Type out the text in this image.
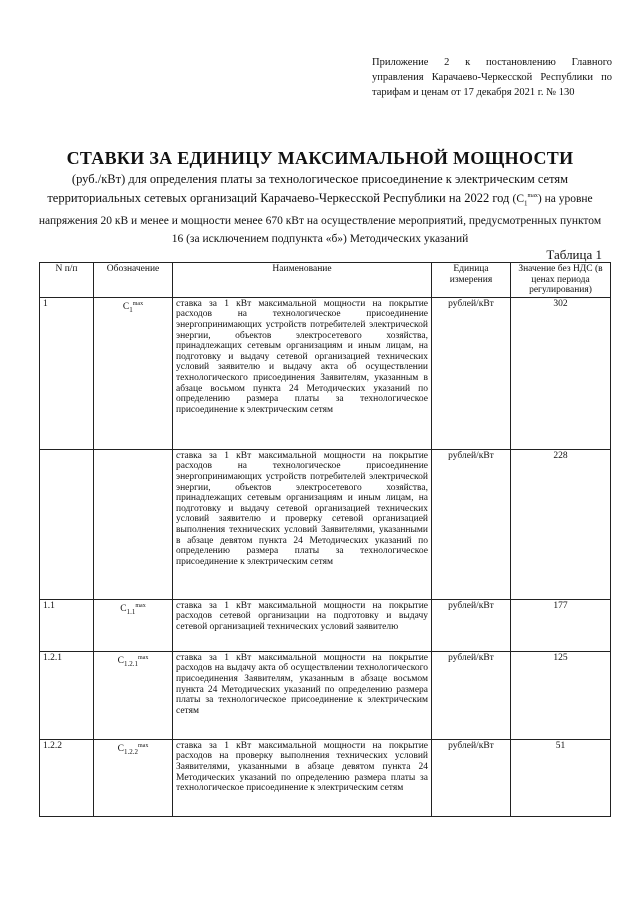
Приложение 2 к постановлению Главного управления Карачаево-Черкесской Республики по тарифам и ценам от 17 декабря 2021 г. № 130
СТАВКИ ЗА ЕДИНИЦУ МАКСИМАЛЬНОЙ МОЩНОСТИ
(руб./кВт) для определения платы за технологическое присоединение к электрическим сетям территориальных сетевых организаций Карачаево-Черкесской Республики на 2022 год $(C_1^{max})$ на уровне напряжения 20 кВ и менее и мощности менее 670 кВт на осуществление мероприятий, предусмотренных пунктом 16 (за исключением подпункта «б») Методических указаний
Таблица 1
N п/п	Обозначение	Наименование	Единица измерения	Значение без НДС (в ценах периода регулирования)
1	$C_1^{max}$	ставка за 1 кВт максимальной мощности на покрытие расходов на технологическое присоединение энергопринимающих устройств потребителей электрической энергии, объектов электросетевого хозяйства, принадлежащих сетевым организациям и иным лицам, на подготовку и выдачу сетевой организацией технических условий заявителю и выдачу акта об осуществлении технологического присоединения Заявителям, указанным в абзаце восьмом пункта 24 Методических указаний по определению размера платы за технологическое присоединение к электрическим сетям	рублей/кВт	302
		ставка за 1 кВт максимальной мощности на покрытие расходов на технологическое присоединение энергопринимающих устройств потребителей электрической энергии, объектов электросетевого хозяйства, принадлежащих сетевым организациям и иным лицам, на подготовку и выдачу сетевой организацией технических условий заявителю и проверку сетевой организацией выполнения технических условий Заявителями, указанными в абзаце девятом пункта 24 Методических указаний по определению размера платы за технологическое присоединение к электрическим сетям	рублей/кВт	228
1.1	$C_{1.1}^{max}$	ставка за 1 кВт максимальной мощности на покрытие расходов сетевой организации на подготовку и выдачу сетевой организацией технических условий заявителю	рублей/кВт	177
1.2.1	$C_{1.2.1}^{max}$	ставка за 1 кВт максимальной мощности на покрытие расходов на выдачу акта об осуществлении технологического присоединения Заявителям, указанным в абзаце восьмом пункта 24 Методических указаний по определению размера платы за технологическое присоединение к электрическим сетям	рублей/кВт	125
1.2.2	$C_{1.2.2}^{max}$	ставка за 1 кВт максимальной мощности на покрытие расходов на проверку выполнения технических условий Заявителями, указанными в абзаце девятом пункта 24 Методических указаний по определению размера платы за технологическое присоединение к электрическим сетям	рублей/кВт	51
